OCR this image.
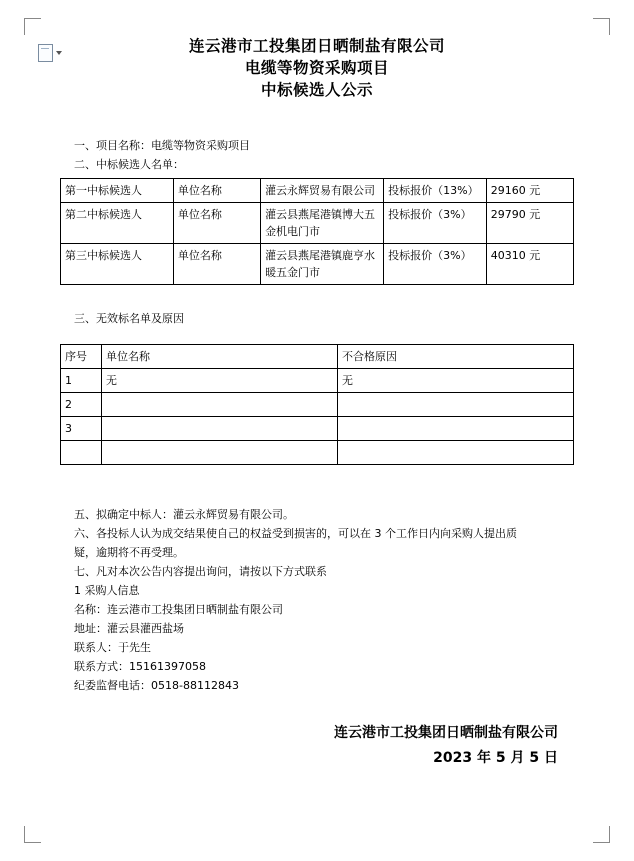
连云港市工投集团日晒制盐有限公司
电缆等物资采购项目
中标候选人公示

一、项目名称：电缆等物资采购项目

二、中标候选人名单：

第一中标候选人	单位名称	灌云永辉贸易有限公司	投标报价（13%）	29160 元
第二中标候选人	单位名称	灌云县燕尾港镇博大五金机电门市	投标报价（3%）	29790 元
第三中标候选人	单位名称	灌云县燕尾港镇鹿亨水暖五金门市	投标报价（3%）	40310 元

三、无效标名单及原因

序号	单位名称	不合格原因
1	无	无
2		
3		

五、拟确定中标人：灌云永辉贸易有限公司。

六、各投标人认为成交结果使自己的权益受到损害的，可以在 3 个工作日内向采购人提出质

疑，逾期将不再受理。

七、凡对本次公告内容提出询问，请按以下方式联系

1 采购人信息

名称：连云港市工投集团日晒制盐有限公司

地址：灌云县灌西盐场

联系人：于先生

联系方式：15161397058

纪委监督电话：0518-88112843

连云港市工投集团日晒制盐有限公司
2023 年 5 月 5 日
